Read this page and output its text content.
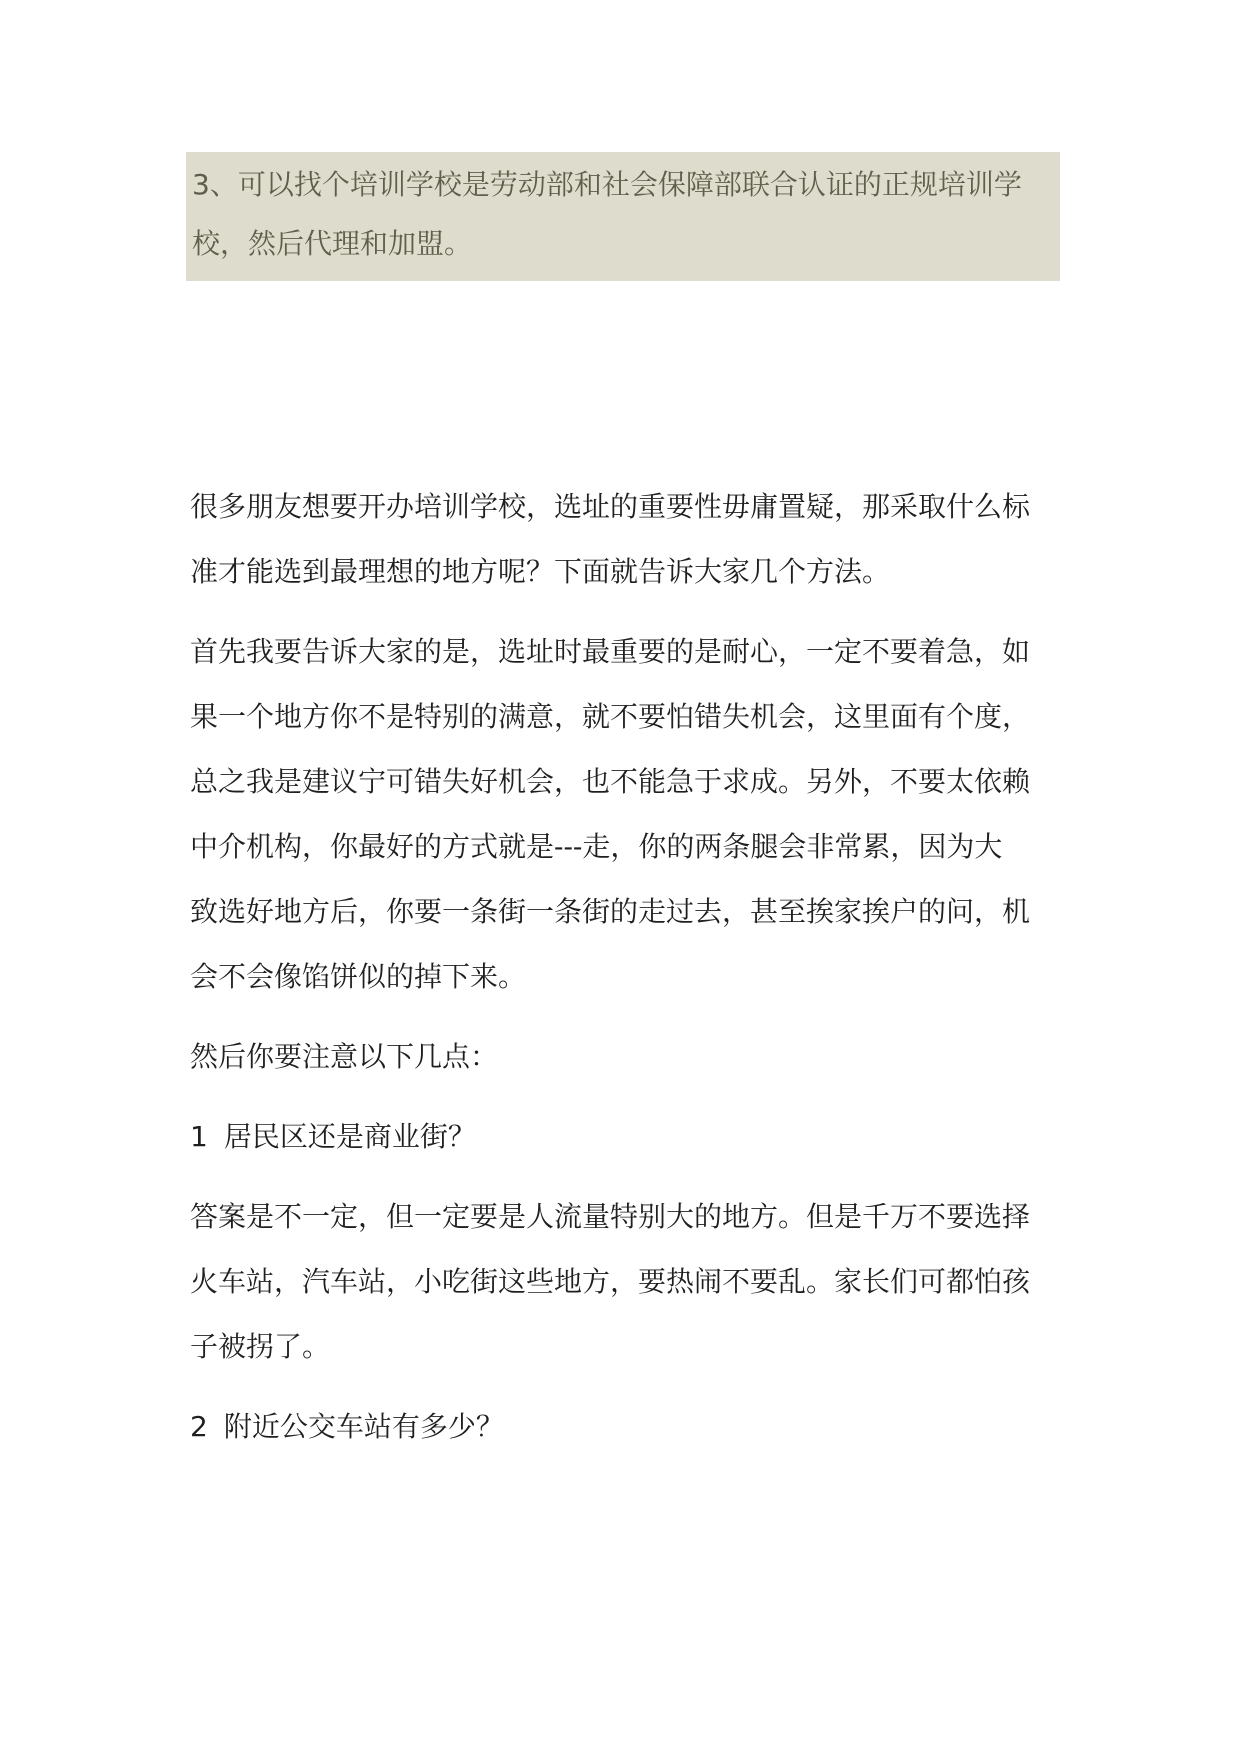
3、可以找个培训学校是劳动部和社会保障部联合认证的正规培训学

校，然后代理和加盟。

很多朋友想要开办培训学校，选址的重要性毋庸置疑，那采取什么标

准才能选到最理想的地方呢？下面就告诉大家几个方法。

首先我要告诉大家的是，选址时最重要的是耐心，一定不要着急，如

果一个地方你不是特别的满意，就不要怕错失机会，这里面有个度，

总之我是建议宁可错失好机会，也不能急于求成。另外，不要太依赖

中介机构，你最好的方式就是---走，你的两条腿会非常累，因为大

致选好地方后，你要一条街一条街的走过去，甚至挨家挨户的问，机

会不会像馅饼似的掉下来。

然后你要注意以下几点：

1 居民区还是商业街？

答案是不一定，但一定要是人流量特别大的地方。但是千万不要选择

火车站，汽车站，小吃街这些地方，要热闹不要乱。家长们可都怕孩

子被拐了。

2 附近公交车站有多少？
